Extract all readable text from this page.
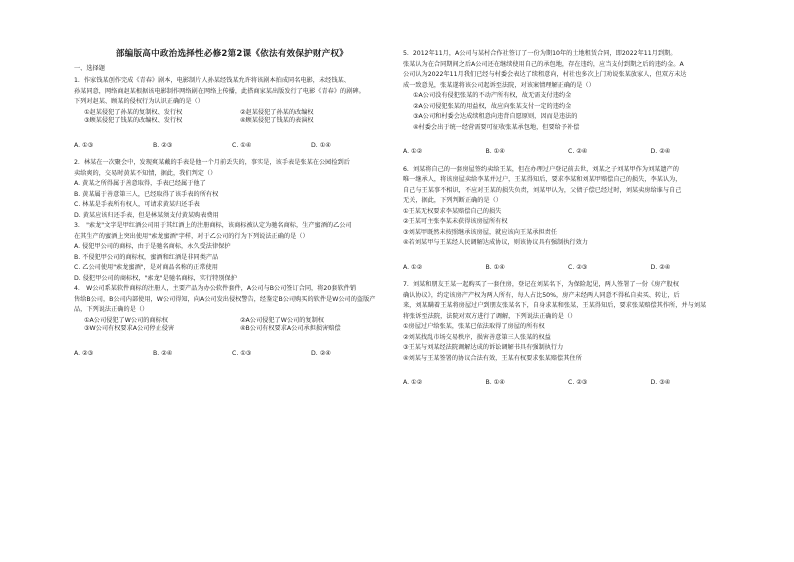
部编版高中政治选择性必修2第2课《依法有效保护财产权》
一、选择题

1. 作家钱某创作完成《青春》剧本，电影制片人孙某经钱某允许将该剧本拍成同名电影，未经钱某、

孙某同意，网络商赵某根据该电影制作网络剧在网络上传播，此搭商家某出版发行了电影《青春》的剧碑。

下列对赵某、顾某的侵权行为认识正确的是（）

①赵某侵犯了孙某的复制权、发行权	②赵某侵犯了孙某的改编权
③顾某侵犯了钱某的改编权、发行权	④顾某侵犯了钱某的表演权
A. ①③	B. ②③	C. ①④	D. ①④

2. 林某在一次聚会中，发现爽某戴的手表是他一个月前丢失的，事实是，该手表是张某在公园捡到后

卖给爽的，交易时黄某不知情，据此，我们判定（）

A. 黄某之所得属于善意取得，手表已经属于他了

B. 黄某属于善意第三人，已经取得了该手表的所有权

C. 林某是手表所有权人，可请求黄某归还手表

D. 黄某应该归还手表，但是林某须支付黄某购表费用

3.　"索龙"文字是甲红酒公司用于其红酒上的注册商标，该商标被认定为驰名商标，生产蜜酒的乙公司

在其生产的蜜酒上突出使用"索龙蜜酒"字样，对于乙公司的行为下列说法正确的是（）

A. 侵犯甲公司的商标，由于是驰名商标，永久受法律保护

B. 不侵犯甲公司的商标权，蜜酒和红酒是非同类产品

C. 乙公司使用"索龙蜜酒"，是对商品名称的正常使用

D. 侵犯甲公司的商标权，"索龙"是驰名商标，实行特别保护

4.　W公司系某软件商标的注册人，主要产品为办公软件套件，A公司与B公司签订合同，将20套软件销

售给B公司，B公司内部使用，W公司得知，向A公司发出侵权警告，经鉴定B公司购买的软件是W公司的盗版产

品，下列说法正确的是（）

①A公司侵犯了W公司的商标权	②A公司侵犯了W公司的复制权
③W公司有权要求A公司停止侵害	④B公司有权要求A公司承担损害赔偿
A. ②③	B. ②④	C. ①③	D. ②④

5. 2012年11月，A公司与某村合作社签订了一份为期10年的土地租赁合同，即2022年11月到期。

张某认为在合同期间之后A公司还在继续使用自己的承包地，存在违约，应当支付到期之后的违约金。A

公司认为2022年11月我们已经与村委会表达了续租意向，村社也多次上门劝说张某放家人，但双方未达

成一致意见，张某遂将该公司起诉至法院，对该案情理解正确的是（）

①A公司没有侵犯张某的不动产所有权，故无需支付违约金

②A公司侵犯张某的用益权，故应向张某支付一定的违约金

③A公司和村委会达成续租意向违背自愿原则，因而是违法的

④村委会出于统一经营需要可征收张某承包地，但要给予补偿

A. ①②	B. ①④	C. ②④	D. ②④

6. 刘某将自己的一套房屋签约卖给王某，但在办理过户登记前去世，刘某之子刘某甲作为刘某遗产的

唯一继承人，将该房屋卖给李某并过户，王某得知后，要求李某和刘某甲赔偿自己的损失，李某认为，

自己与王某事不相识，不应对王某的损失负责，刘某甲认为，父债子偿已经过时，刘某卖房给谁与自己

无关，据此，下列判断正确的是（）

①王某无权要求李某赔偿自己的损失

②王某可主张李某未获得该房屋所有权

③刘某甲既然未按照继承该房屋，就应该向王某承担责任

④若刘某甲与王某经人民调解达成协议，则该协议具有强制执行效力

A. ①②	B. ①④	C. ②③	D. ②④

7. 刘某和朋友王某一起购买了一套住房，登记在刘某名下，为保险起见，两人签署了一份《房产股权

确认协议》，约定该房产产权为两人所有，每人占比50%，房产未经两人同意不得私自卖买、转让，后

来，刘某瞒着王某将房屋过户到朋友张某名下，自身求某和张某，王某得知后，要求张某赔偿其作所，并与刘某

将张诉至法院，法院对双方进行了调解，下列说法正确的是（）

①房屋过户给张某，张某已依法取得了房屋的所有权

②刘某找乱市场交易秩序，损害善意第三人张某的权益

③王某与刘某经法院调解达成的诉讼调解书具有强制执行力

④刘某与王某签署的协议合法有效，王某有权要求张某赔偿其住所

A. ①②	B. ①④	C. ②③	D. ③④
